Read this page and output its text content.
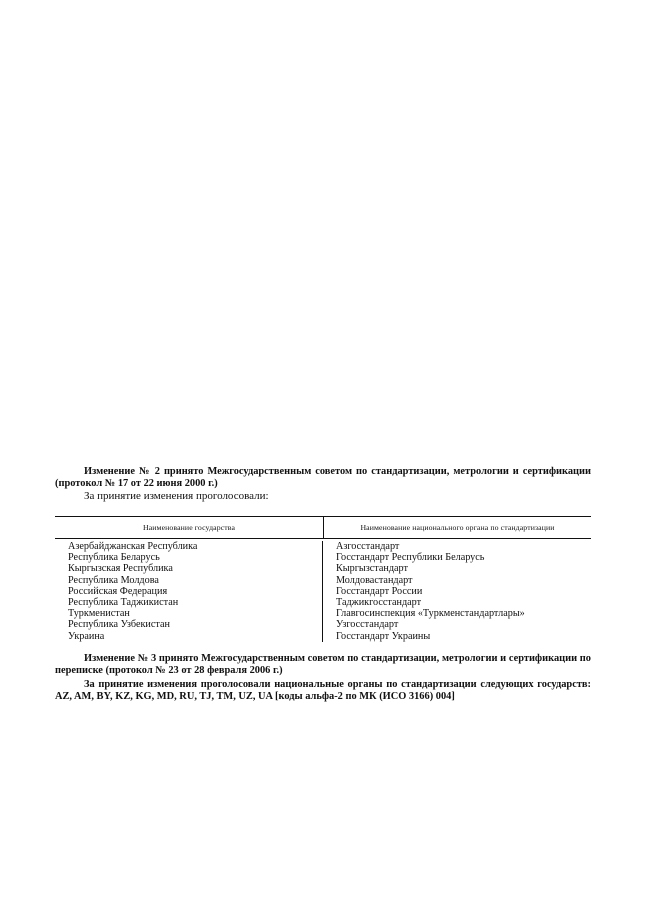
Изменение № 2 принято Межгосударственным советом по стандартизации, метрологии и сертификации (протокол № 17 от 22 июня 2000 г.)

За принятие изменения проголосовали:

Наименование государства	Наименование национального органа по стандартизации
Азербайджанская Республика
Республика Беларусь
Кыргызская Республика
Республика Молдова
Российская Федерация
Республика Таджикистан
Туркменистан
Республика Узбекистан
Украина
Азгосстандарт
Госстандарт Республики Беларусь
Кыргызстандарт
Молдовастандарт
Госстандарт России
Таджикгосстандарт
Главгосинспекция «Туркменстандартлары»
Узгосстандарт
Госстандарт Украины

Изменение № 3 принято Межгосударственным советом по стандартизации, метрологии и сертификации по переписке (протокол № 23 от 28 февраля 2006 г.)

За принятие изменения проголосовали национальные органы по стандартизации следующих государств: AZ, AM, BY, KZ, KG, MD, RU, TJ, TM, UZ, UA [коды альфа-2 по МК (ИСО 3166) 004]
